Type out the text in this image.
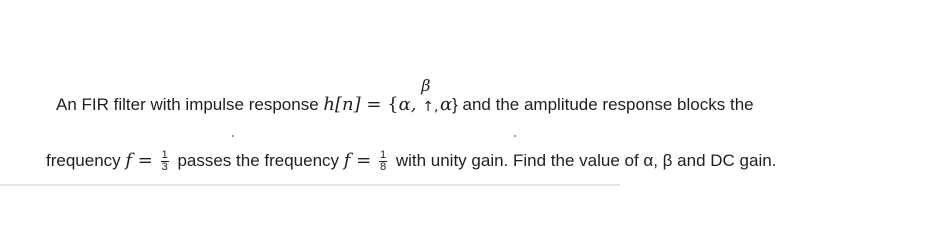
An FIR filter with impulse response h[n] = {α,
β
↑, α} and the amplitude response blocks the
frequency $f = \frac{1}{3}$ passes the frequency $f = \frac{1}{8}$ with unity gain. Find the value of α, β and DC gain.
